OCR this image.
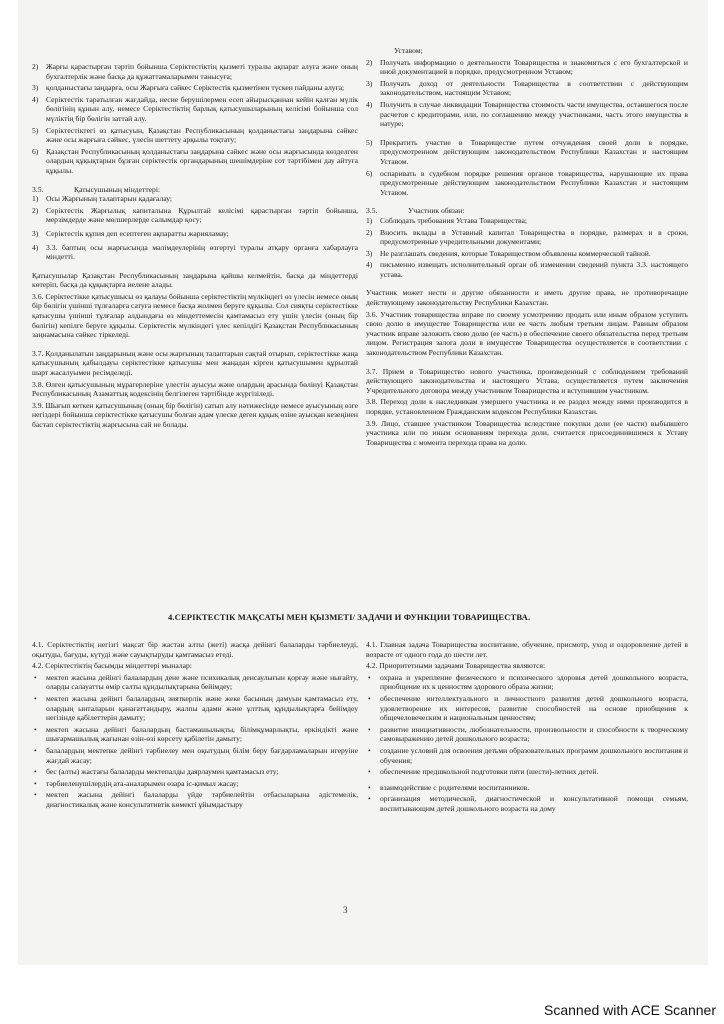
2)	Жарғы қарастырған тәртіп бойынша Серіктестіктің қызметі туралы ақпарат алуға және оның бухгалтерлік және басқа да құжаттамаларымен танысуға;
3)	қолданыстағы заңдарға, осы Жарғыға сәйкес Серіктестік қызметінен түскен пайданы алуға;
4)	Серіктестік таратылған жағдайда, несие берушілермен есеп айырысқаннан кейін қалған мүлік бөлігінің құнын алу, немесе Серіктестіктің барлық қатысушыларының келісімі бойынша сол мүліктің бір бөлігін заттай алу.
5)	Серіктестіктегі өз қатысуын, Қазақстан Республикасының қолданыстағы заңдарына сәйкес және осы жарғыға сәйкес, үлесін шеттету арқылы тоқтату;
6)	Қазақстан Республикасының қолданыстағы заңдарына сәйкес және осы жарғысында көзделген олардың құқықтарын бұзған серіктестік органдарының шешімдеріне сот тәртібімен дау айтуға құқылы.
3.5.	Қатысушының міндеттері:
1)	Осы Жарғының талаптарын қадағалау;
2)	Серіктестік Жарғылық капиталына Құрылтай келісімі қарастырған тәртіп бойынша, мерзімдерде және мөлшерлерде салымдар қосу;
3)	Серіктестік құпия деп есептеген ақпаратты жарияламау;
4)	3.3. баптың осы жарғысында мәлімдеулерінің өзгертуі туралы атқару органға хабарлауға міндетті.

Қатысушылар Қазақстан Республикасының заңдарына қайшы келмейтін, басқа да міндеттерді көтеріп, басқа да құқықтарға иеленe алады.

3.6. Серіктестікке қатысушысы өз қалауы бойынша серіктестіктің мүлкіндегі өз үлесін немесе оның бір бөлігін үшінші тұлғаларға сатуға немесе басқа жолмен беруге құқылы. Сол сияқты серіктестікке қатысушы үшінші тұлғалар алдындағы өз міндеттемесін қамтамасыз ету үшін үлесін (оның бір бөлігін) кепілге беруге құқылы. Серіктестік мүлкіндегі үлес кепілдігі Қазақстан Республикасының заңнамасына сәйкес тіркеледі.

3.7. Қолданылатын заңдарының және осы жарғының талаптарын сақтай отырып, серіктестікке жаңа қатысушының қабылдауы серіктестікке қатысушы мен жаңадан кірген қатысушымен құрылтай шарт жасалуымен ресімделеді.

3.8. Өлген қатысушының мұрагерлеріне үлестін ауысуы және олардың арасында бөлінуі Қазақстан Республикасының Азаматтық кодексінің белгілеген тәртібінде жүргізіледі.

3.9. Шығып кеткен қатысушының (оның бір бөлігін) сатып алу нәтижесінде немесе ауысуының өзге негіздері бойынша серіктестікке қатысушы болған адам үлеске деген құқық өзіне ауысқан кезеңінен бастап серіктестіктің жарғысына сай не болады.

Уставом;
2)	Получать информацию о деятельности Товарищества и знакомиться с его бухгалтерской и иной документацией в порядке, предусмотренном Уставом;
3)	Получать доход от деятельности Товарищества в соответствии с действующим законодательством, настоящим Уставом;
4)	Получить в случае ликвидации Товарищества стоимость части имущества, оставшегося после расчетов с кредиторами, или, по соглашению между участниками, часть этого имущества в натуре;
5)	Прекратить участие в Товариществе путем отчуждения своей доли в порядке, предусмотренном действующим законодательством Республики Казахстан и настоящим Уставом.
6)	оспаривать в судебном порядке решения органов товарищества, нарушающие их права предусмотренные действующим законодательством Республики Казахстан и настоящим Уставом.
3.5.	Участник обязан:
1)	Соблюдать требования Устава Товарищества;
2)	Вносить вклады в Уставный капитал Товарищества в порядке, размерах и в сроки, предусмотренные учредительными документами;
3)	Не разглашать сведения, которые Товариществом объявлены коммерческой тайной.
4)	письменно извещать исполнительный орган об изменении сведений пункта 3.3. настоящего устава.

Участник может нести и другие обязанности и иметь другие права, не противоречащие действующему законодательству Республики Казахстан.

3.6. Участник товарищества вправе по своему усмотрению продать или иным образом уступить свою долю в имуществе Товарищества или ее часть любым третьим лицам. Равным образом участник вправе заложить свою долю (ее часть) в обеспечение своего обязательства перед третьим лицом. Регистрация залога доли в имуществе Товарищества осуществляется в соответствии с законодательством Республики Казахстан.

3.7. Прием в Товарищество нового участника, произведенный с соблюдением требований действующего законодательства и настоящего Устава, осуществляется путем заключения Учредительного договора между участником Товарищества и вступившим участником.

3.8. Переход доли к наследникам умершего участника и ее раздел между ними производится в порядке, установленном Гражданским кодексом Республики Казахстан.

3.9. Лицо, ставшее участником Товарищества вследствие покупки доли (ее части) выбывшего участника или по иным основаниям перехода доли, считается присоединившимся к Уставу Товарищества с момента перехода права на долю.

4.СЕРІКТЕСТІК МАҚСАТЫ МЕН ҚЫЗМЕТІ/ ЗАДАЧИ И ФУНКЦИИ ТОВАРИЩЕСТВА.

4.1. Серіктестіктің негізгі мақсат бір жастан алты (жеті) жасқа дейінгі балаларды тәрбиелеуді, оқытуды, бағуды, күтуді және сауықтыруды қамтамасыз етеді.

4.2. Серіктестіктің басымды міндеттері мыналар:

•	мектеп жасына дейінгі балалардың дене және психикалық денсаулығын қорғау және нығайту, оларды салауатты өмір салты құндылықтарына бейімдеу;
•	мектеп жасына дейінгі балалардың зияткерлік және жеке басының дамуын қамтамасыз ету, олардың ынталарын қанағаттандыру, жалпы адами және ұлттық құндылықтарға бейімдеу негізінде қабілеттерін дамыту;
•	мектеп жасына дейінгі балалардың бастамашылықты, білімқұмарлықты, еркіндікті және шығармашылық жағынан өзін-өзі көрсету қабілетін дамыту;
•	балалардың мектепке дейінгі тәрбиелеу мен оқытудың білім беру бағдарламаларын игеруіне жағдай жасау;
•	бес (алты) жастағы балаларды мектепалды даярлаумен қамтамасыз ету;
•	тәрбиеленушілердің ата-аналарымен өзара іс-қимыл жасау;
•	мектеп жасына дейінгі балаларды үйде тәрбиелейтін отбасыларына әдістемелік, диагностикалық және консультативтік көмекті ұйымдастыру

4.1. Главная задача Товарищества воспитание, обучение, присмотр, уход и оздоровление детей в возрасте от одного года до шести лет.

4.2. Приоритетными задачами Товарищества являются:

•	охрана и укрепление физического и психического здоровья детей дошкольного возраста, приобщение их к ценностям здорового образа жизни;
•	обеспечение интеллектуального и личностного развития детей дошкольного возраста, удовлетворение их интересов, развитие способностей на основе приобщения к общечеловеческим и национальным ценностям;
•	развитие инициативности, любознательности, произвольности и способности к творческому самовыражению детей дошкольного возраста;
•	создание условий для освоения детьми образовательных программ дошкольного воспитания и обучения;
•	обеспечение предшкольной подготовки пяти (шести)-летних детей.
•	взаимодействие с родителями воспитанников.
•	организация методической, диагностической и консультативной помощи семьям, воспитывающим детей дошкольного возраста на дому
3
Scanned with ACE Scanner
